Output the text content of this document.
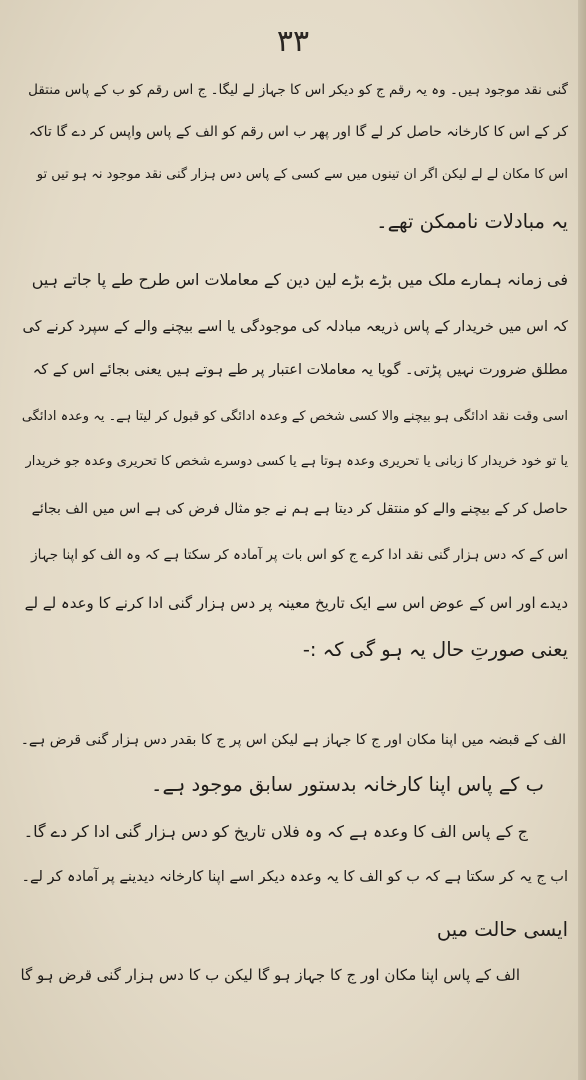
۳۳
گنی نقد موجود ہیں۔ وہ یہ رقم ج کو دیکر اس کا جہاز لے لیگا۔ ج اس رقم کو ب کے پاس منتقل
کر کے اس کا کارخانہ حاصل کر لے گا اور پھر ب اس رقم کو الف کے پاس واپس کر دے گا تاکہ
اس کا مکان لے لے لیکن اگر ان تینوں میں سے کسی کے پاس دس ہزار گنی نقد موجود نہ ہو تیں تو
یہ مبادلات ناممکن تھے۔
فی زمانہ ہمارے ملک میں بڑے بڑے لین دین کے معاملات اس طرح طے پا جاتے ہیں
کہ اس میں خریدار کے پاس ذریعہ مبادلہ کی موجودگی یا اسے بیچنے والے کے سپرد کرنے کی
مطلق ضرورت نہیں پڑتی۔ گویا یہ معاملات اعتبار پر طے ہوتے ہیں یعنی بجائے اس کے کہ
اسی وقت نقد ادائگی ہو بیچنے والا کسی شخص کے وعدہ ادائگی کو قبول کر لیتا ہے۔ یہ وعدہ ادائگی
یا تو خود خریدار کا زبانی یا تحریری وعدہ ہوتا ہے یا کسی دوسرے شخص کا تحریری وعدہ جو خریدار
حاصل کر کے بیچنے والے کو منتقل کر دیتا ہے ہم نے جو مثال فرض کی ہے اس میں الف بجائے
اس کے کہ دس ہزار گنی نقد ادا کرے ج کو اس بات پر آمادہ کر سکتا ہے کہ وہ الف کو اپنا جہاز
دیدے اور اس کے عوض اس سے ایک تاریخ معینہ پر دس ہزار گنی ادا کرنے کا وعدہ لے لے
یعنی صورتِ حال یہ ہو گی کہ :-
الف کے قبضہ میں اپنا مکان اور ج کا جہاز ہے لیکن اس پر ج کا بقدر دس ہزار گنی قرض ہے۔
ب کے پاس اپنا کارخانہ بدستور سابق موجود ہے۔
ج کے پاس الف کا وعدہ ہے کہ وہ فلاں تاریخ کو دس ہزار گنی ادا کر دے گا۔
اب ج یہ کر سکتا ہے کہ ب کو الف کا یہ وعدہ دیکر اسے اپنا کارخانہ دیدینے پر آمادہ کر لے۔
ایسی حالت میں
الف کے پاس اپنا مکان اور ج کا جہاز ہو گا لیکن ب کا دس ہزار گنی قرض ہو گا
